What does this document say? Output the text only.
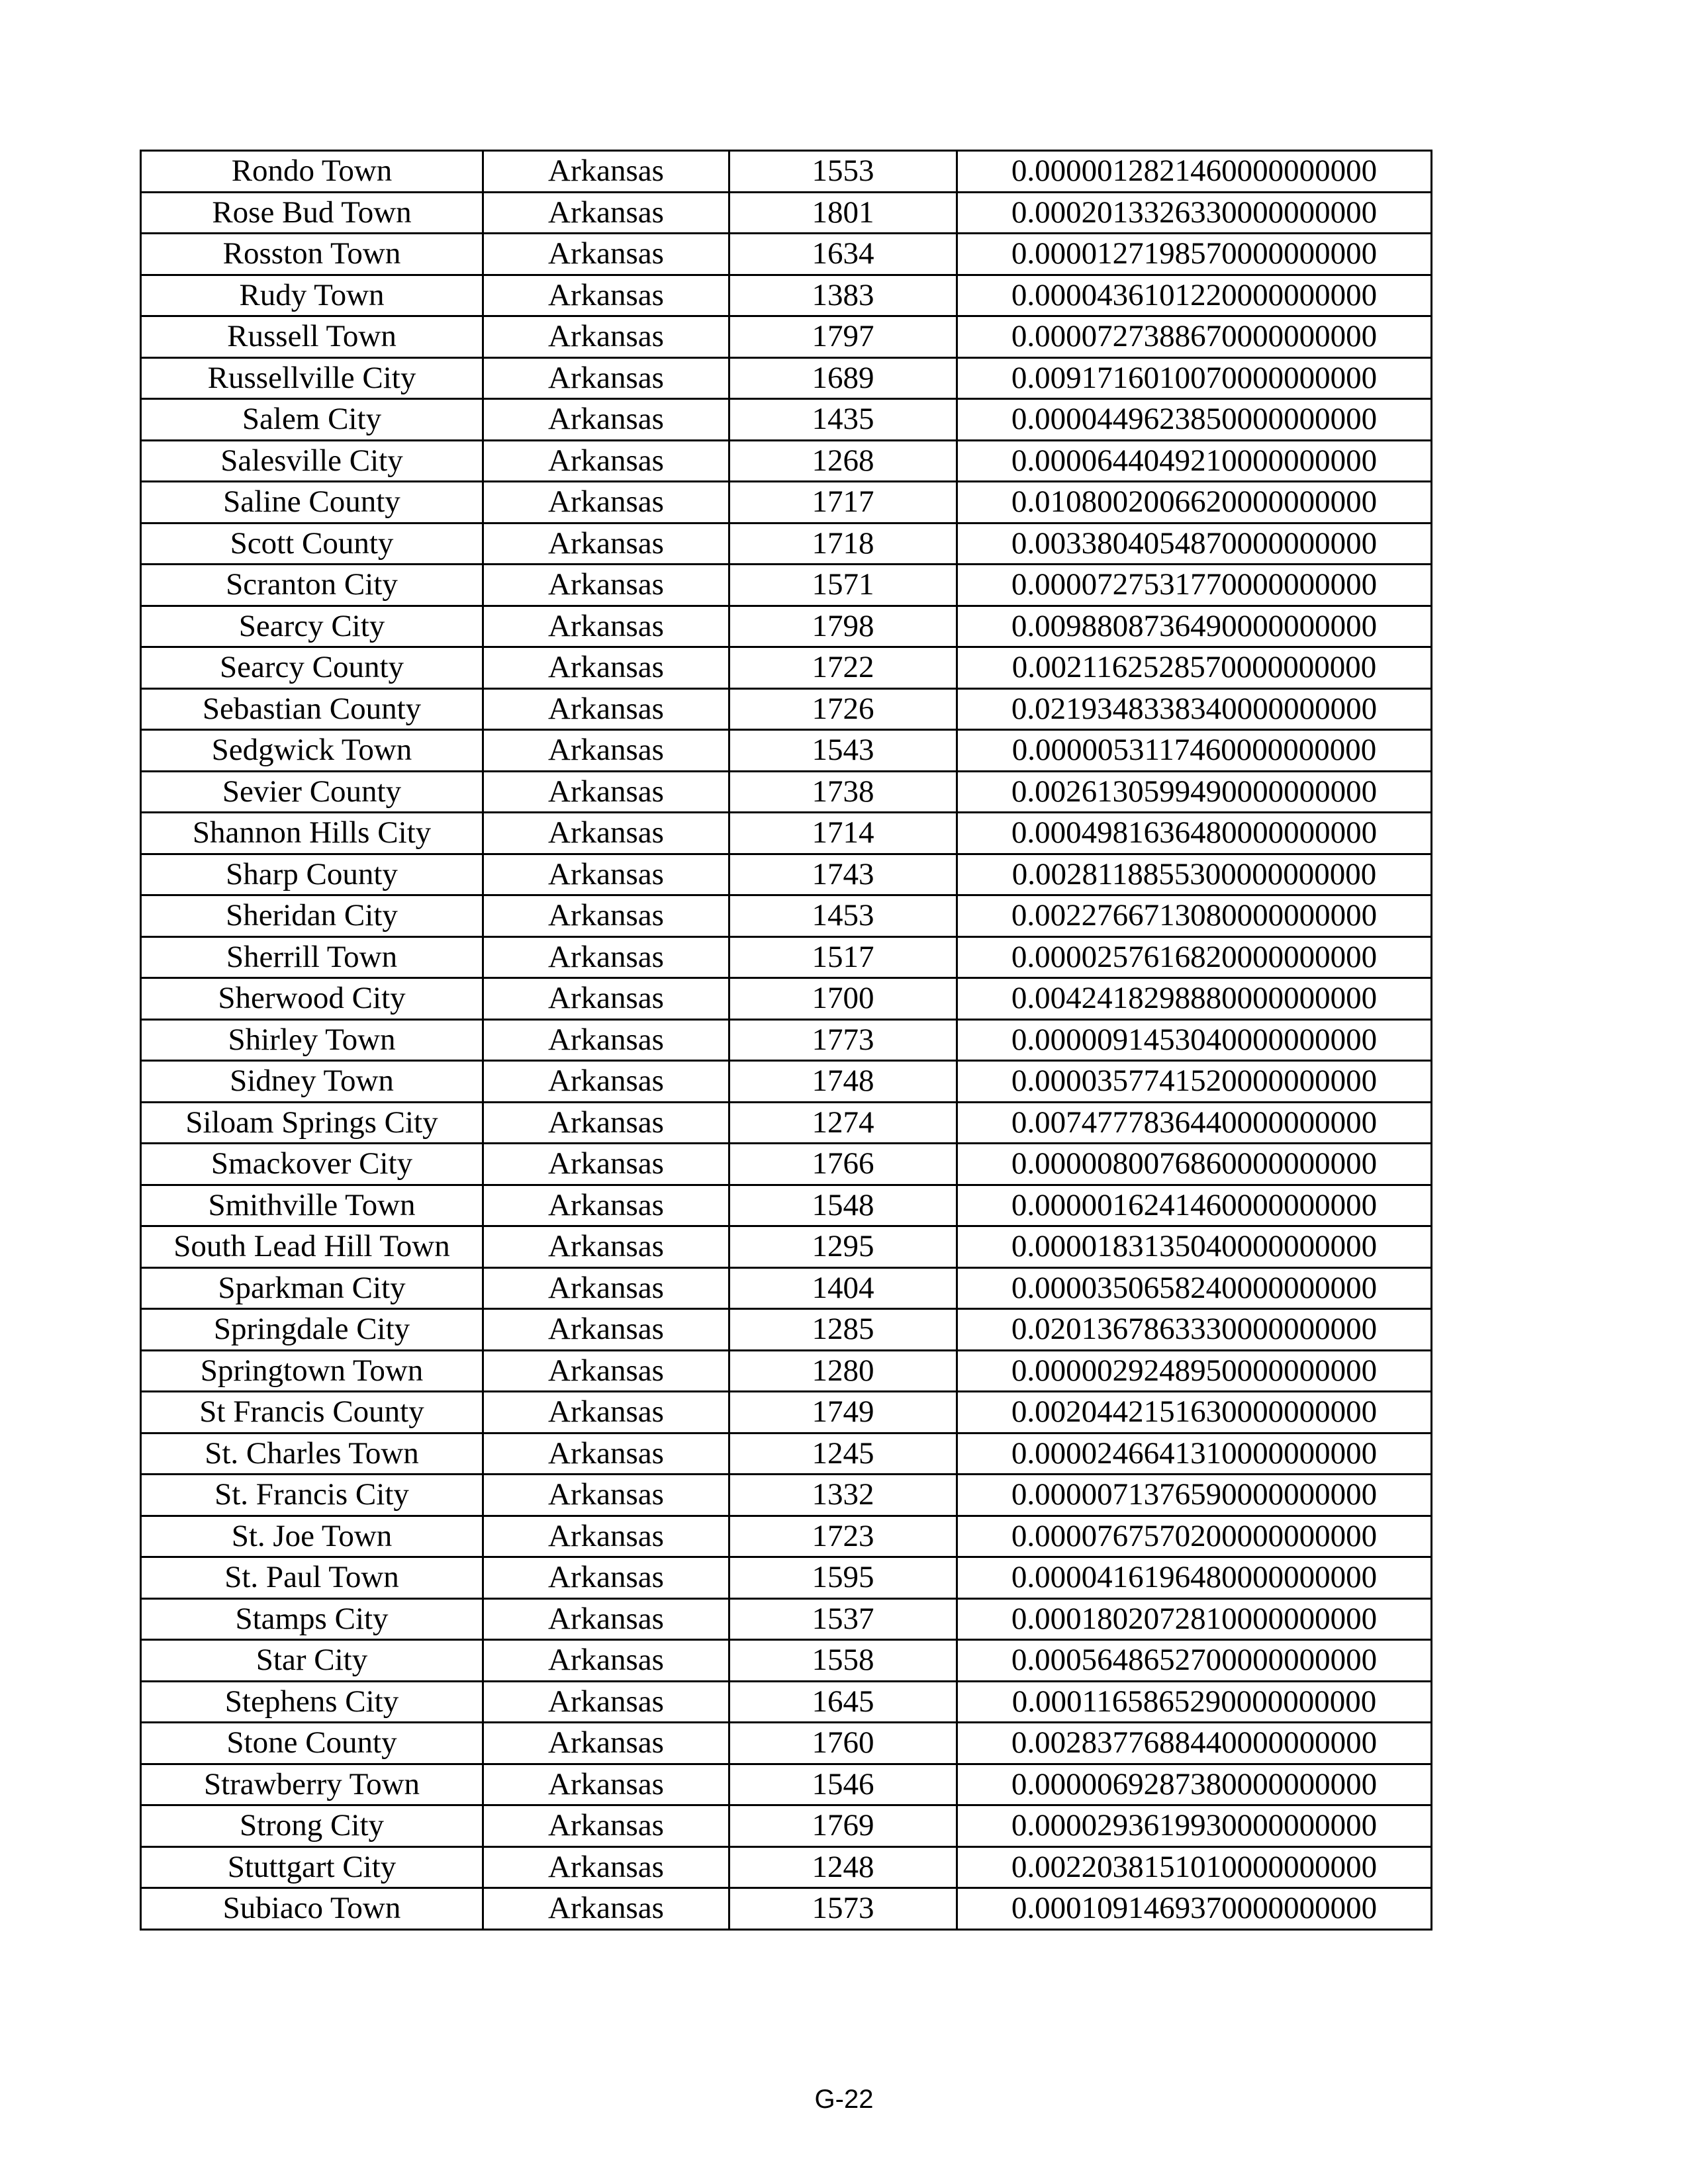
Rondo Town	Arkansas	1553	0.0000012821460000000000
Rose Bud Town	Arkansas	1801	0.0002013326330000000000
Rosston Town	Arkansas	1634	0.0000127198570000000000
Rudy Town	Arkansas	1383	0.0000436101220000000000
Russell Town	Arkansas	1797	0.0000727388670000000000
Russellville City	Arkansas	1689	0.0091716010070000000000
Salem City	Arkansas	1435	0.0000449623850000000000
Salesville City	Arkansas	1268	0.0000644049210000000000
Saline County	Arkansas	1717	0.0108002006620000000000
Scott County	Arkansas	1718	0.0033804054870000000000
Scranton City	Arkansas	1571	0.0000727531770000000000
Searcy City	Arkansas	1798	0.0098808736490000000000
Searcy County	Arkansas	1722	0.0021162528570000000000
Sebastian County	Arkansas	1726	0.0219348338340000000000
Sedgwick Town	Arkansas	1543	0.0000053117460000000000
Sevier County	Arkansas	1738	0.0026130599490000000000
Shannon Hills City	Arkansas	1714	0.0004981636480000000000
Sharp County	Arkansas	1743	0.0028118855300000000000
Sheridan City	Arkansas	1453	0.0022766713080000000000
Sherrill Town	Arkansas	1517	0.0000257616820000000000
Sherwood City	Arkansas	1700	0.0042418298880000000000
Shirley Town	Arkansas	1773	0.0000091453040000000000
Sidney Town	Arkansas	1748	0.0000357741520000000000
Siloam Springs City	Arkansas	1274	0.0074777836440000000000
Smackover City	Arkansas	1766	0.0000080076860000000000
Smithville Town	Arkansas	1548	0.0000016241460000000000
South Lead Hill Town	Arkansas	1295	0.0000183135040000000000
Sparkman City	Arkansas	1404	0.0000350658240000000000
Springdale City	Arkansas	1285	0.0201367863330000000000
Springtown Town	Arkansas	1280	0.0000029248950000000000
St Francis County	Arkansas	1749	0.0020442151630000000000
St. Charles Town	Arkansas	1245	0.0000246641310000000000
St. Francis City	Arkansas	1332	0.0000071376590000000000
St. Joe Town	Arkansas	1723	0.0000767570200000000000
St. Paul Town	Arkansas	1595	0.0000416196480000000000
Stamps City	Arkansas	1537	0.0001802072810000000000
Star City	Arkansas	1558	0.0005648652700000000000
Stephens City	Arkansas	1645	0.0001165865290000000000
Stone County	Arkansas	1760	0.0028377688440000000000
Strawberry Town	Arkansas	1546	0.0000069287380000000000
Strong City	Arkansas	1769	0.0000293619930000000000
Stuttgart City	Arkansas	1248	0.0022038151010000000000
Subiaco Town	Arkansas	1573	0.0001091469370000000000
G-22
